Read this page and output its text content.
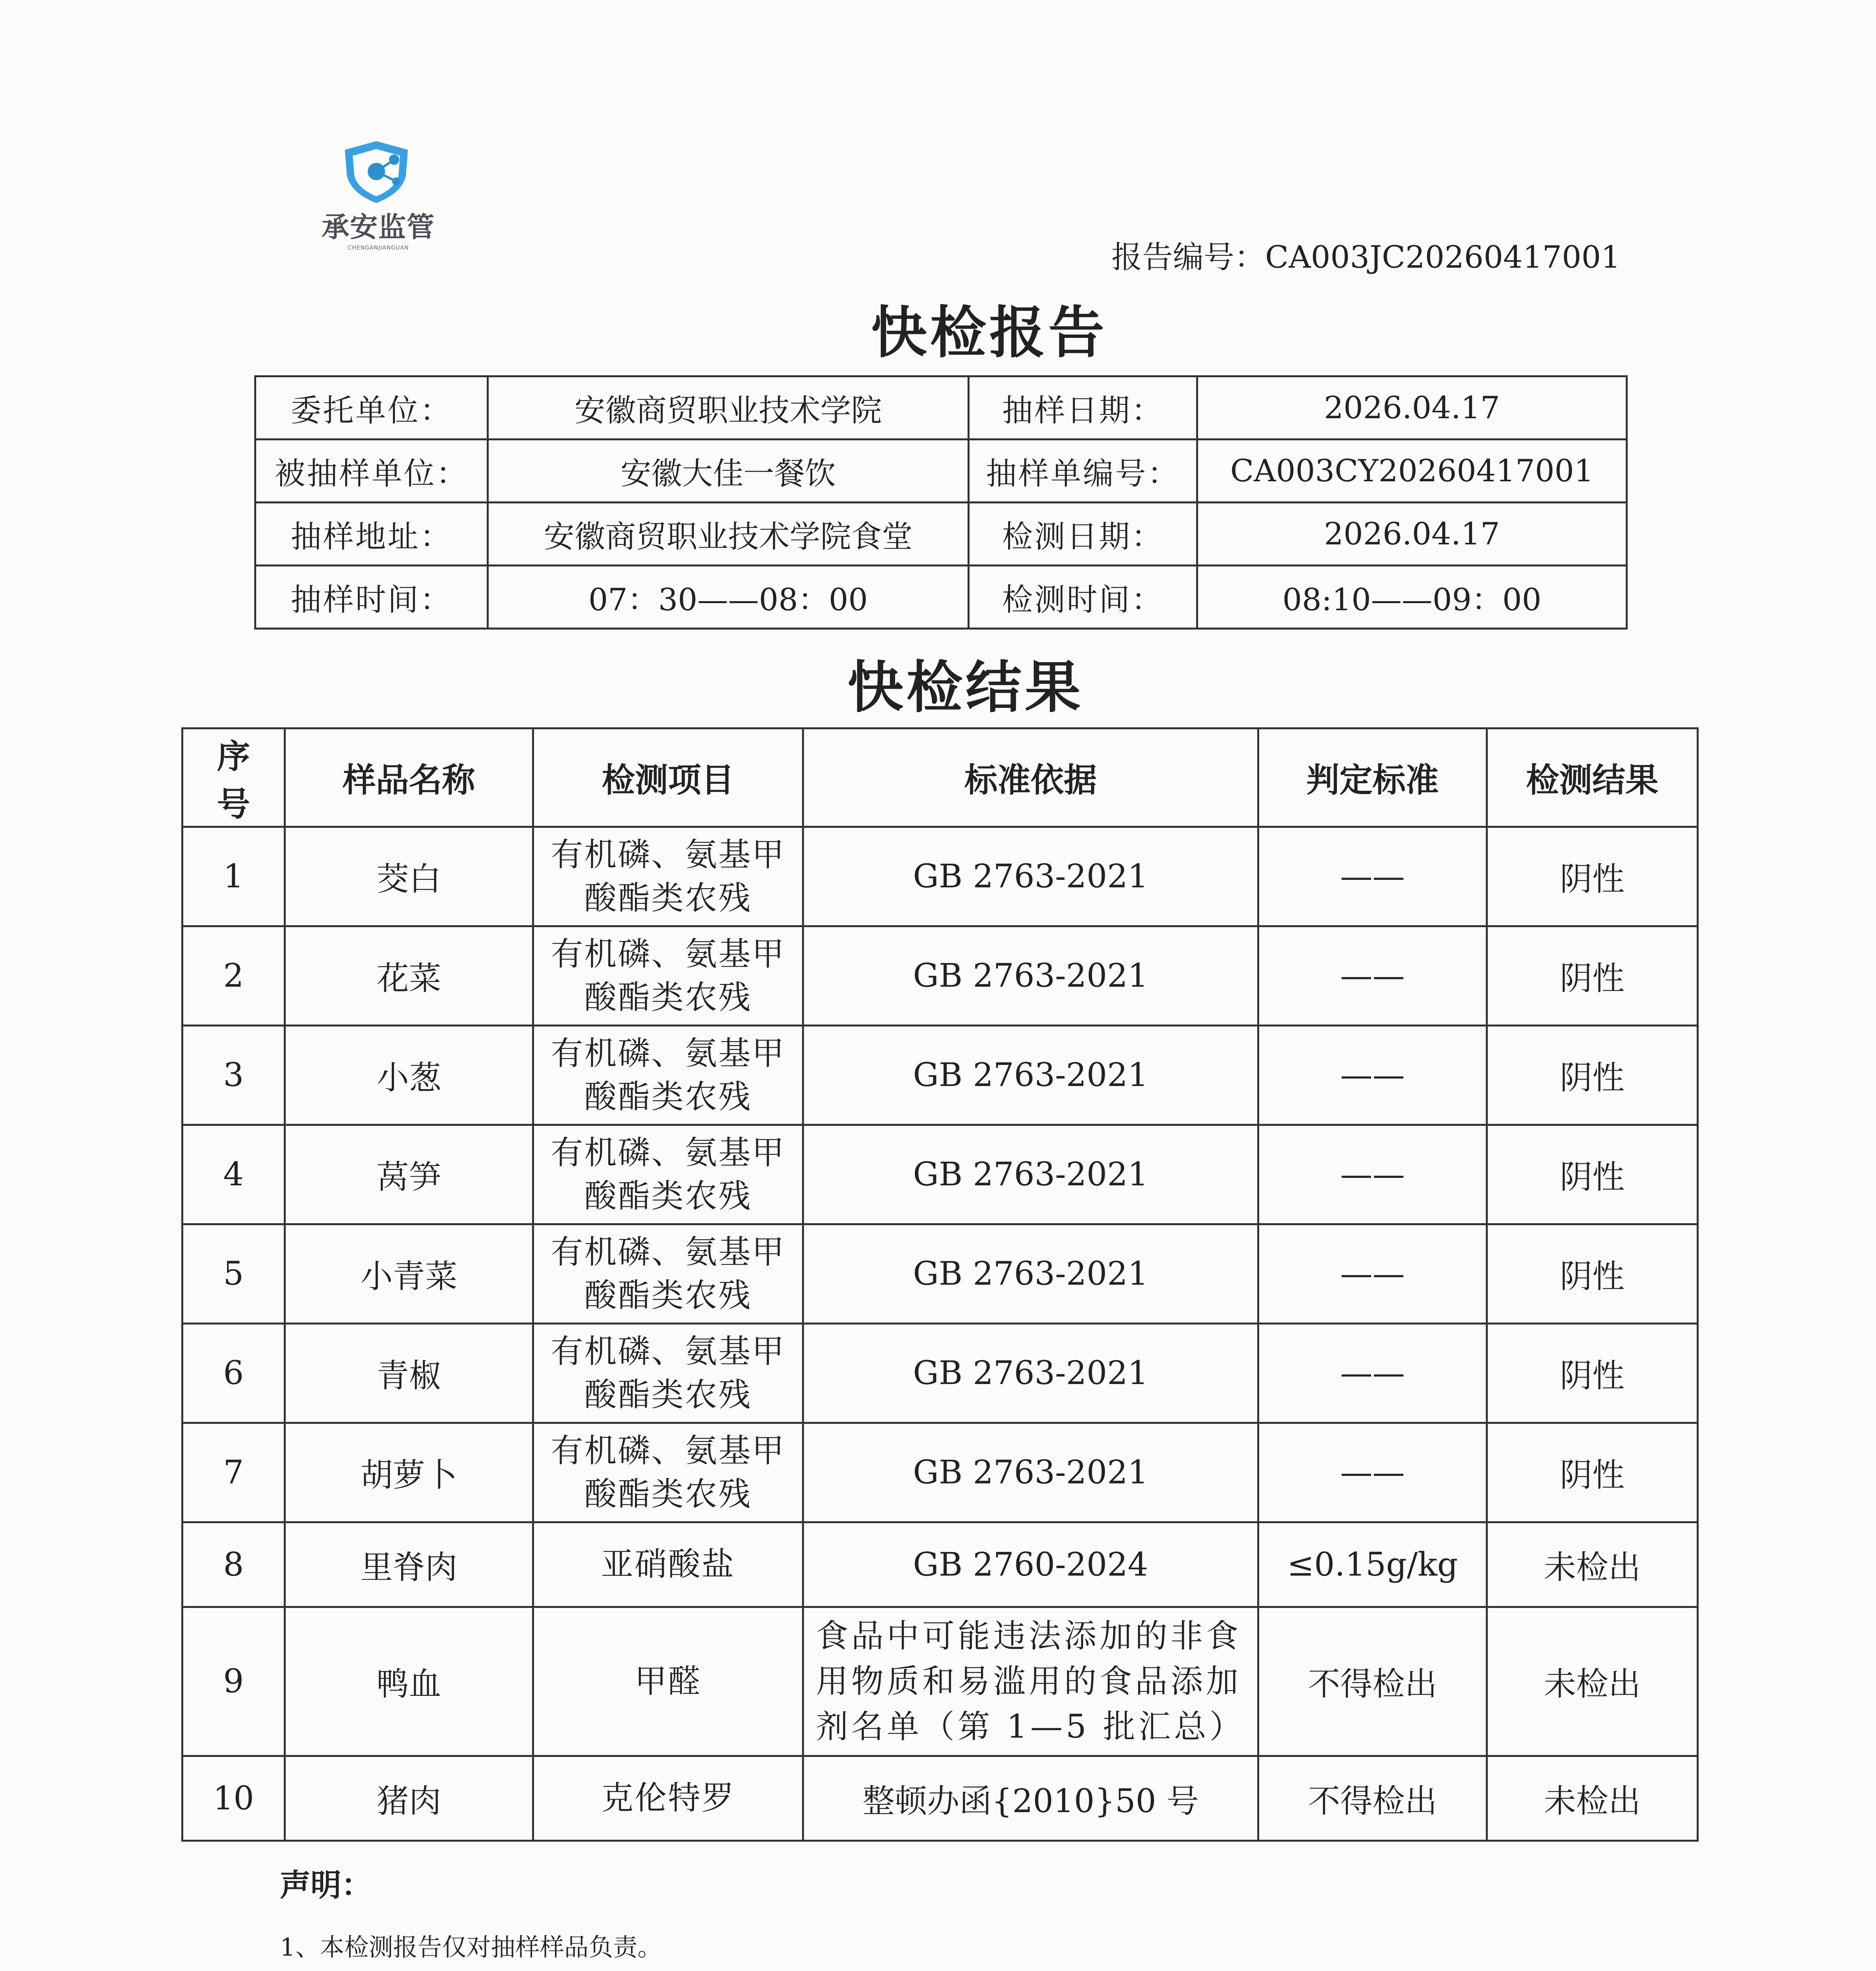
承安监管
CHENGANJIANGUAN	报告编号：CA003JC20260417001
快检报告
委托单位：	安徽商贸职业技术学院	抽样日期：	2026.04.17
被抽样单位：	安徽大佳一餐饮	抽样单编号：	CA003CY20260417001
抽样地址：	安徽商贸职业技术学院食堂	检测日期：	2026.04.17
抽样时间：	07：30——08：00	检测时间：	08:10——09：00
快检结果
序
号	样品名称	检测项目	标准依据	判定标准	检测结果
1	茭白	有机磷、氨基甲
酸酯类农残	GB 2763-2021	——	阴性
2	花菜	有机磷、氨基甲
酸酯类农残	GB 2763-2021	——	阴性
3	小葱	有机磷、氨基甲
酸酯类农残	GB 2763-2021	——	阴性
4	莴笋	有机磷、氨基甲
酸酯类农残	GB 2763-2021	——	阴性
5	小青菜	有机磷、氨基甲
酸酯类农残	GB 2763-2021	——	阴性
6	青椒	有机磷、氨基甲
酸酯类农残	GB 2763-2021	——	阴性
7	胡萝卜	有机磷、氨基甲
酸酯类农残	GB 2763-2021	——	阴性
8	里脊肉	亚硝酸盐	GB 2760-2024	≤0.15g/kg	未检出
9	鸭血	甲醛	食品中可能违法添加的非食
用物质和易滥用的食品添加
剂名单（第 1—5 批汇总）	不得检出	未检出
10	猪肉	克伦特罗	整顿办函{2010}50 号	不得检出	未检出
声明：
1、本检测报告仅对抽样样品负责。
